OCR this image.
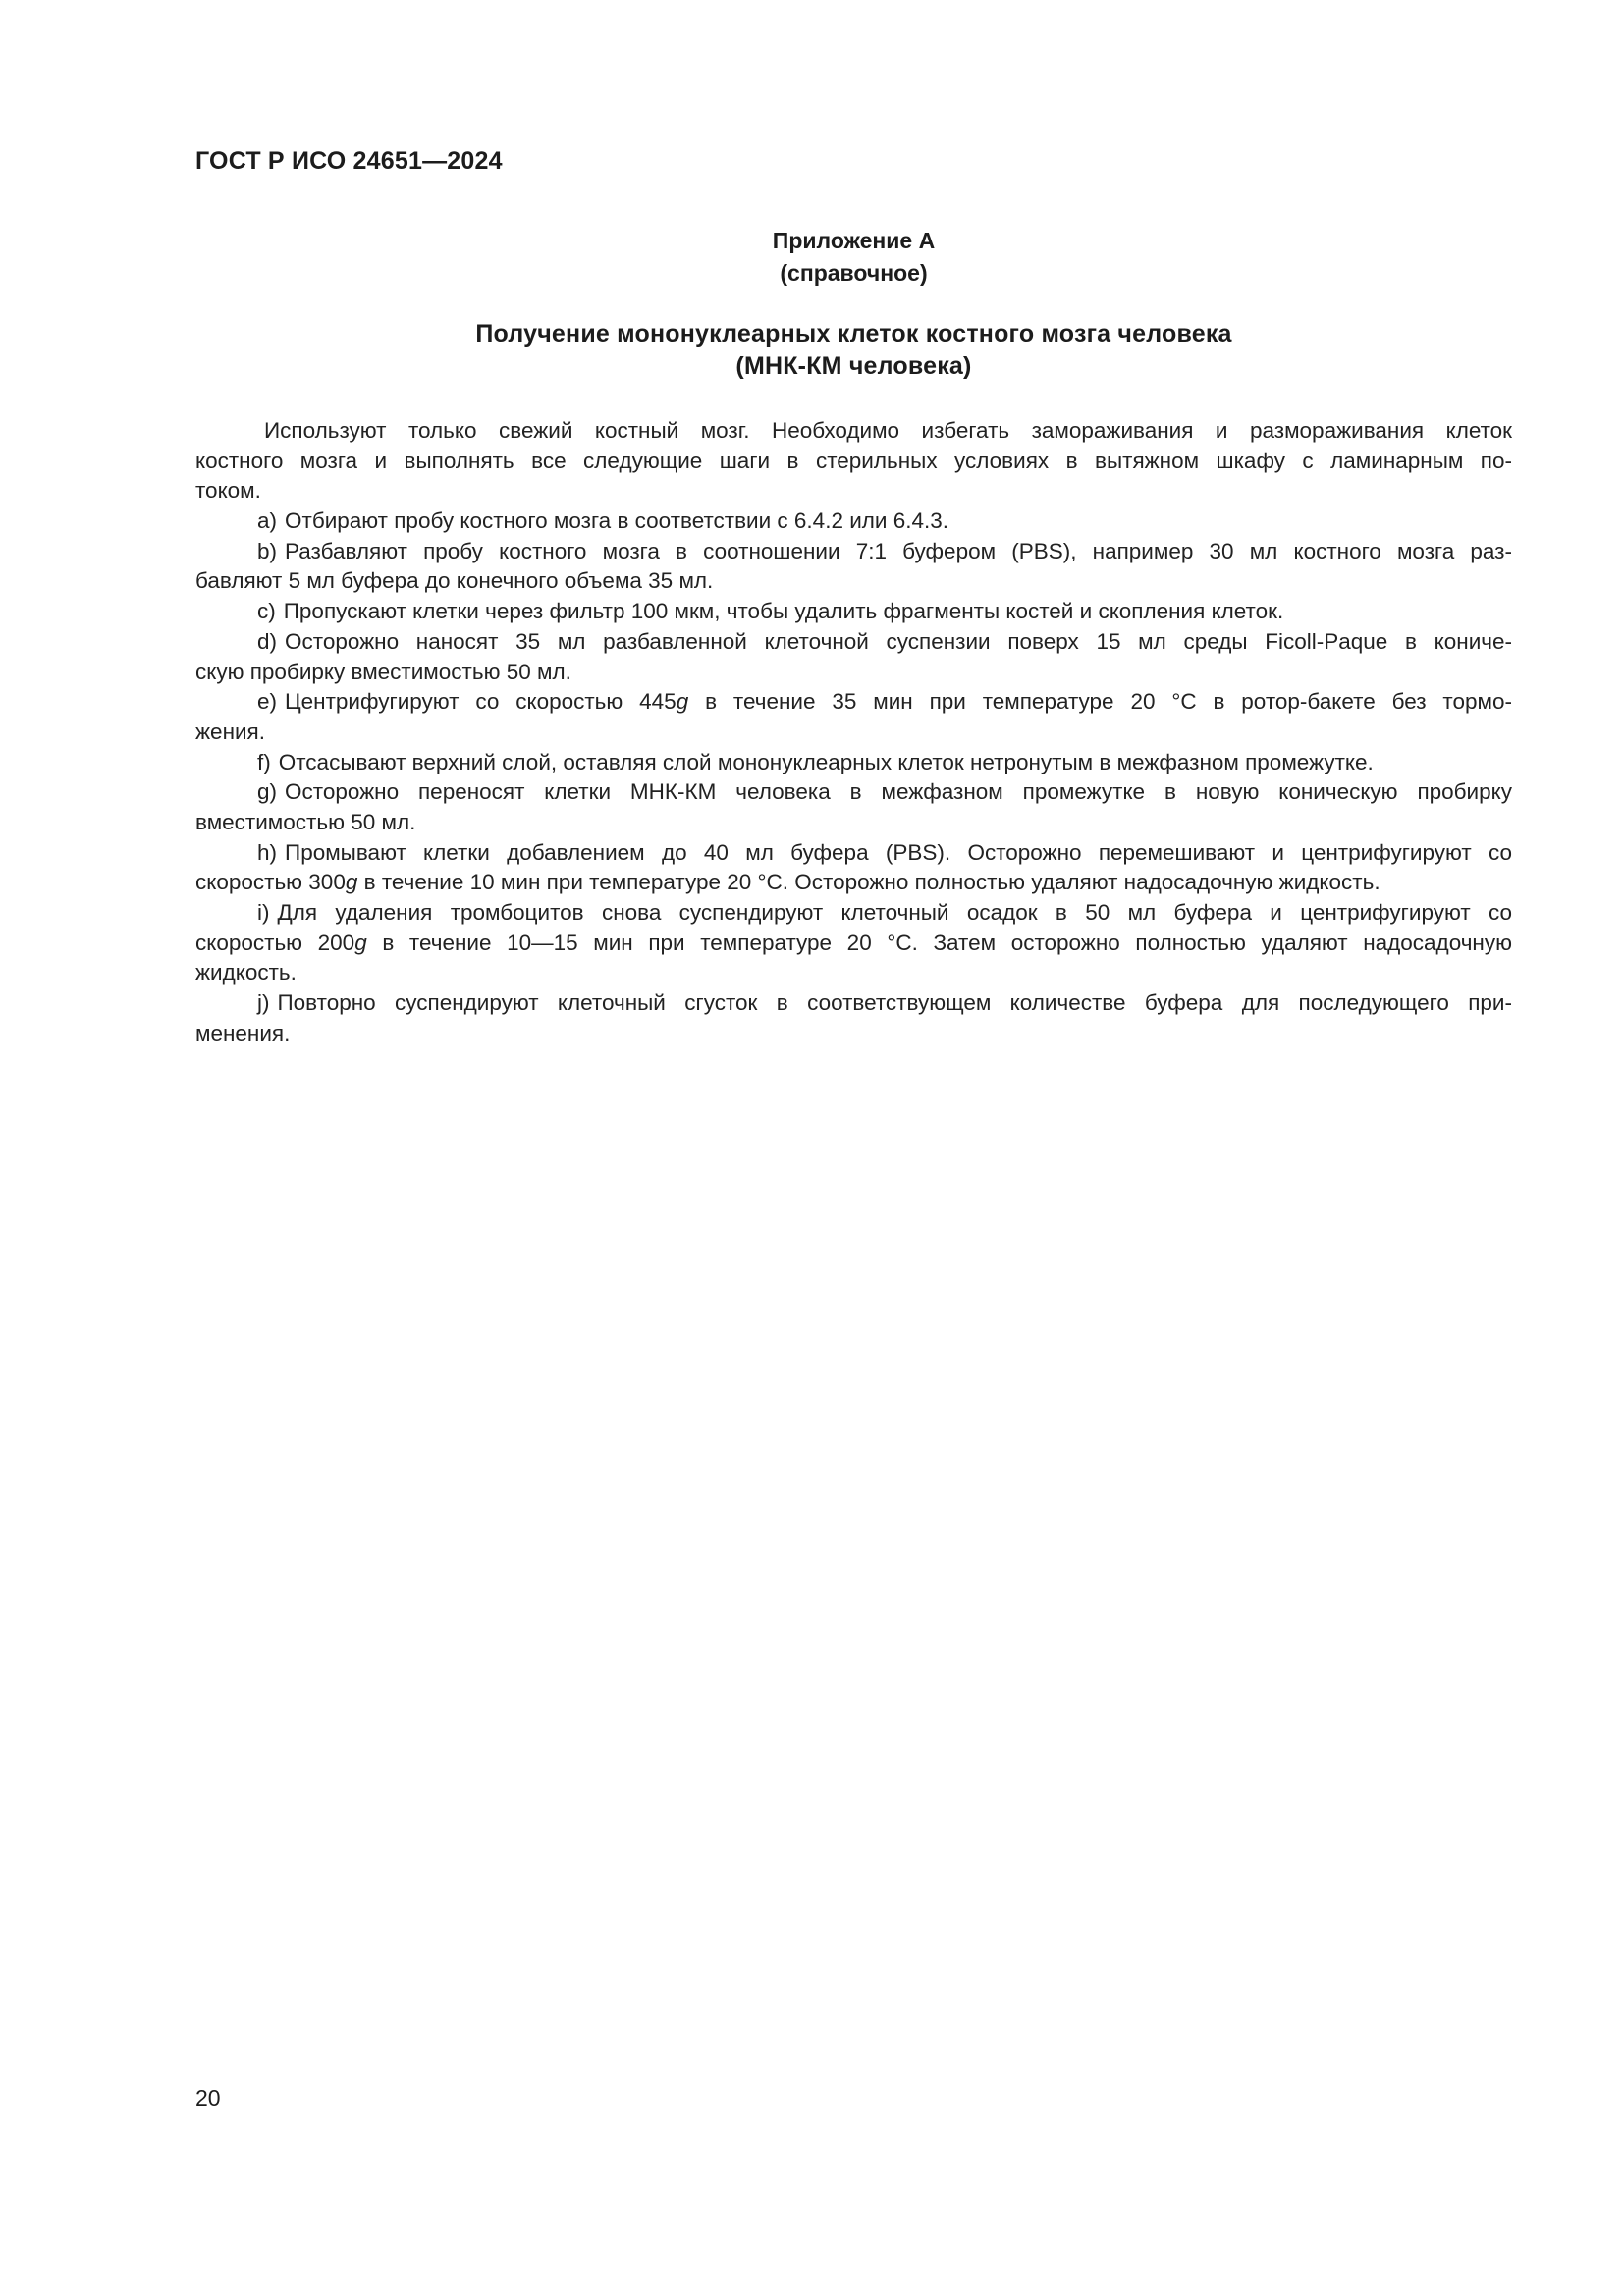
ГОСТ Р ИСО 24651—2024
Приложение А
(справочное)
Получение мононуклеарных клеток костного мозга человека
(МНК-КМ человека)
Используют только свежий костный мозг. Необходимо избегать замораживания и размораживания клеток
костного мозга и выполнять все следующие шаги в стерильных условиях в вытяжном шкафу с ламинарным по-
током.
a) Отбирают пробу костного мозга в соответствии с 6.4.2 или 6.4.3.
b) Разбавляют пробу костного мозга в соотношении 7:1 буфером (PBS), например 30 мл костного мозга раз-
бавляют 5 мл буфера до конечного объема 35 мл.
c) Пропускают клетки через фильтр 100 мкм, чтобы удалить фрагменты костей и скопления клеток.
d) Осторожно наносят 35 мл разбавленной клеточной суспензии поверх 15 мл среды Ficoll-Paque в кониче-
скую пробирку вместимостью 50 мл.
e) Центрифугируют со скоростью 445g в течение 35 мин при температуре 20 °C в ротор-бакете без тормо-
жения.
f) Отсасывают верхний слой, оставляя слой мононуклеарных клеток нетронутым в межфазном промежутке.
g) Осторожно переносят клетки МНК-КМ человека в межфазном промежутке в новую коническую пробирку
вместимостью 50 мл.
h) Промывают клетки добавлением до 40 мл буфера (PBS). Осторожно перемешивают и центрифугируют со
скоростью 300g в течение 10 мин при температуре 20 °C. Осторожно полностью удаляют надосадочную жидкость.
i) Для удаления тромбоцитов снова суспендируют клеточный осадок в 50 мл буфера и центрифугируют со
скоростью 200g в течение 10—15 мин при температуре 20 °C. Затем осторожно полностью удаляют надосадочную
жидкость.
j) Повторно суспендируют клеточный сгусток в соответствующем количестве буфера для последующего при-
менения.
20
